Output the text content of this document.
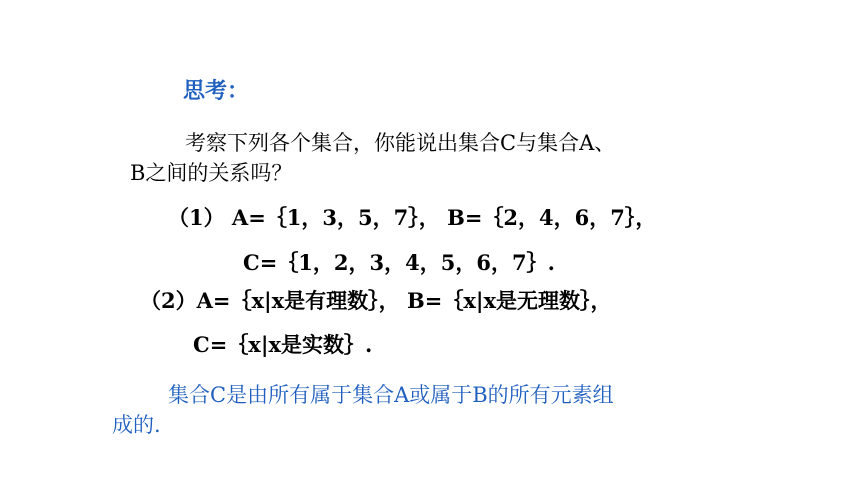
思考：
考察下列各个集合，你能说出集合C与集合A、
B之间的关系吗？
（1） A=｛1，3，5，7｝， B=｛2，4，6，7｝，
C=｛1，2，3，4，5，6，7｝.
（2）A=｛x|x是有理数｝， B=｛x|x是无理数｝，
C=｛x|x是实数｝.
集合C是由所有属于集合A或属于B的所有元素组
成的.
